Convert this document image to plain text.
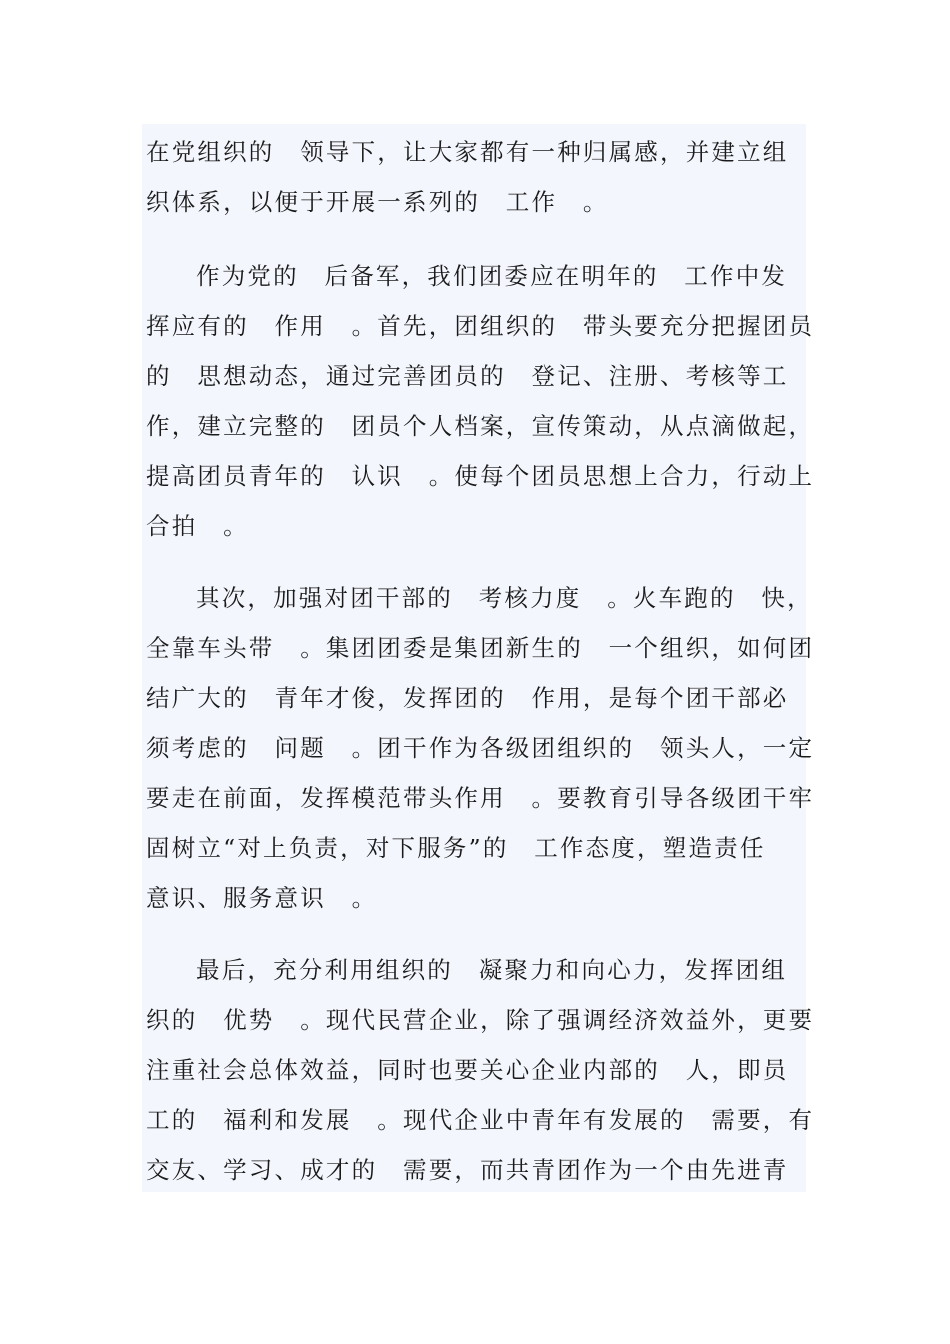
在党组织的　领导下，让大家都有一种归属感，并建立组
织体系，以便于开展一系列的　工作　。
作为党的　后备军，我们团委应在明年的　工作中发
挥应有的　作用　。首先，团组织的　带头要充分把握团员
的　思想动态，通过完善团员的　登记、注册、考核等工
作，建立完整的　团员个人档案，宣传策动，从点滴做起，
提高团员青年的　认识　。使每个团员思想上合力，行动上
合拍　。
其次，加强对团干部的　考核力度　。火车跑的　快，
全靠车头带　。集团团委是集团新生的　一个组织，如何团
结广大的　青年才俊，发挥团的　作用，是每个团干部必
须考虑的　问题　。团干作为各级团组织的　领头人，一定
要走在前面，发挥模范带头作用　。要教育引导各级团干牢
固树立“对上负责，对下服务”的　工作态度，塑造责任
意识、服务意识　。
最后，充分利用组织的　凝聚力和向心力，发挥团组
织的　优势　。现代民营企业，除了强调经济效益外，更要
注重社会总体效益，同时也要关心企业内部的　人，即员
工的　福利和发展　。现代企业中青年有发展的　需要，有
交友、学习、成才的　需要，而共青团作为一个由先进青
